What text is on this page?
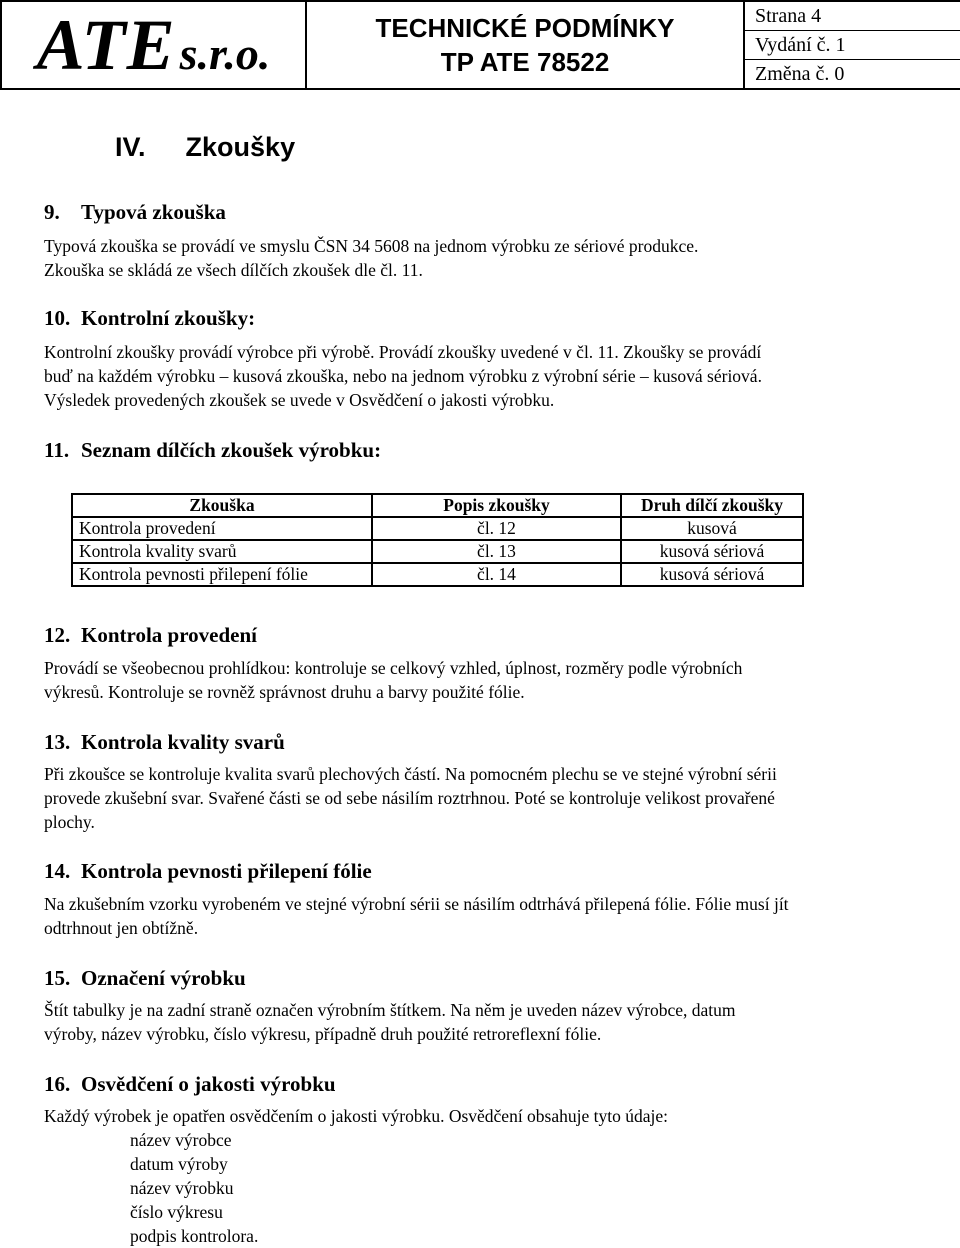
ATE s.r.o.	TECHNICKÉ PODMÍNKY
TP ATE 78522

Strana 4
Vydání č. 1
Změna č. 0
IV. Zkoušky
9. Typová zkouška
Typová zkouška se provádí ve smyslu ČSN 34 5608 na jednom výrobku ze sériové produkce.
Zkouška se skládá ze všech dílčích zkoušek dle čl. 11.
10. Kontrolní zkoušky:
Kontrolní zkoušky provádí výrobce při výrobě. Provádí zkoušky uvedené v čl. 11. Zkoušky se provádí
buď na každém výrobku – kusová zkouška, nebo na jednom výrobku z výrobní série – kusová sériová.
Výsledek provedených zkoušek se uvede v Osvědčení o jakosti výrobku.
11. Seznam dílčích zkoušek výrobku:
12. Kontrola provedení
Provádí se všeobecnou prohlídkou: kontroluje se celkový vzhled, úplnost, rozměry podle výrobních
výkresů. Kontroluje se rovněž správnost druhu a barvy použité fólie.
13. Kontrola kvality svarů
Při zkoušce se kontroluje kvalita svarů plechových částí. Na pomocném plechu se ve stejné výrobní sérii
provede zkušební svar. Svařené části se od sebe násilím roztrhnou. Poté se kontroluje velikost provařené
plochy.
14. Kontrola pevnosti přilepení fólie
Na zkušebním vzorku vyrobeném ve stejné výrobní sérii se násilím odtrhává přilepená fólie. Fólie musí jít
odtrhnout jen obtížně.
15. Označení výrobku
Štít tabulky je na zadní straně označen výrobním štítkem. Na něm je uveden název výrobce, datum
výroby, název výrobku, číslo výkresu, případně druh použité retroreflexní fólie.
16. Osvědčení o jakosti výrobku
Každý výrobek je opatřen osvědčením o jakosti výrobku. Osvědčení obsahuje tyto údaje:
název výrobce
datum výroby
název výrobku
číslo výkresu
podpis kontrolora.
Zkouška	Popis zkoušky	Druh dílčí zkoušky
Kontrola provedení	čl. 12	kusová
Kontrola kvality svarů	čl. 13	kusová sériová
Kontrola pevnosti přilepení fólie	čl. 14	kusová sériová
